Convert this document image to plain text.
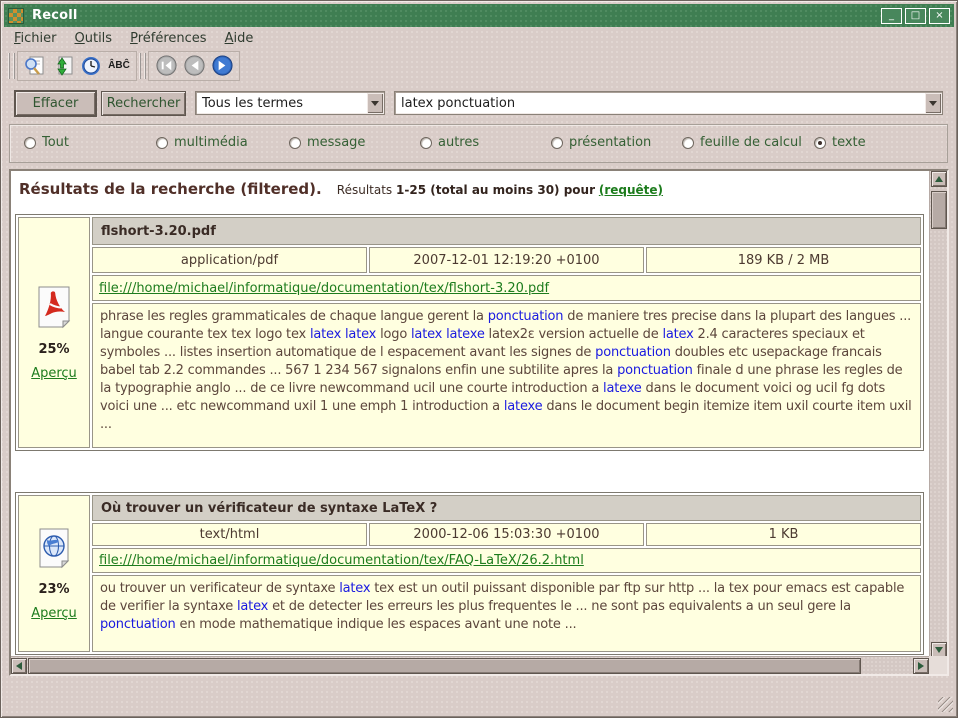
Recoll	_	□	×
Fichier	Outils	Préférences	Aide
ÂBĈ
Effacer	Rechercher	Tous les termes
latex ponctuation
Tout	multimédia	message	autres	présentation	feuille de calcul texte
Résultats de la recherche (filtered). Résultats 1-25 (total au moins 30) pour (requête)
25%
Aperçu
flshort-3.20.pdf
application/pdf	2007-12-01 12:19:20 +0100	189 KB / 2 MB
file:///home/michael/informatique/documentation/tex/flshort-3.20.pdf
phrase les regles grammaticales de chaque langue gerent la ponctuation de maniere tres precise dans la plupart des langues ... langue courante tex tex logo tex latex latex logo latex latexe latex2ε version actuelle de latex 2.4 caracteres speciaux et symboles ... listes insertion automatique de l espacement avant les signes de ponctuation doubles etc usepackage francais babel tab 2.2 commandes ... 567 1 234 567 signalons enfin une subtilite apres la ponctuation finale d une phrase les regles de la typographie anglo ... de ce livre newcommand ucil une courte introduction a latexe dans le document voici og ucil fg dots voici une ... etc newcommand uxil 1 une emph 1 introduction a latexe dans le document begin itemize item uxil courte item uxil ...
23%
Aperçu
Où trouver un vérificateur de syntaxe LaTeX ?
text/html	2000-12-06 15:03:30 +0100	1 KB
file:///home/michael/informatique/documentation/tex/FAQ-LaTeX/26.2.html
ou trouver un verificateur de syntaxe latex tex est un outil puissant disponible par ftp sur http ... la tex pour emacs est capable de verifier la syntaxe latex et de detecter les erreurs les plus frequentes le ... ne sont pas equivalents a un seul gere la ponctuation en mode mathematique indique les espaces avant une note ...
